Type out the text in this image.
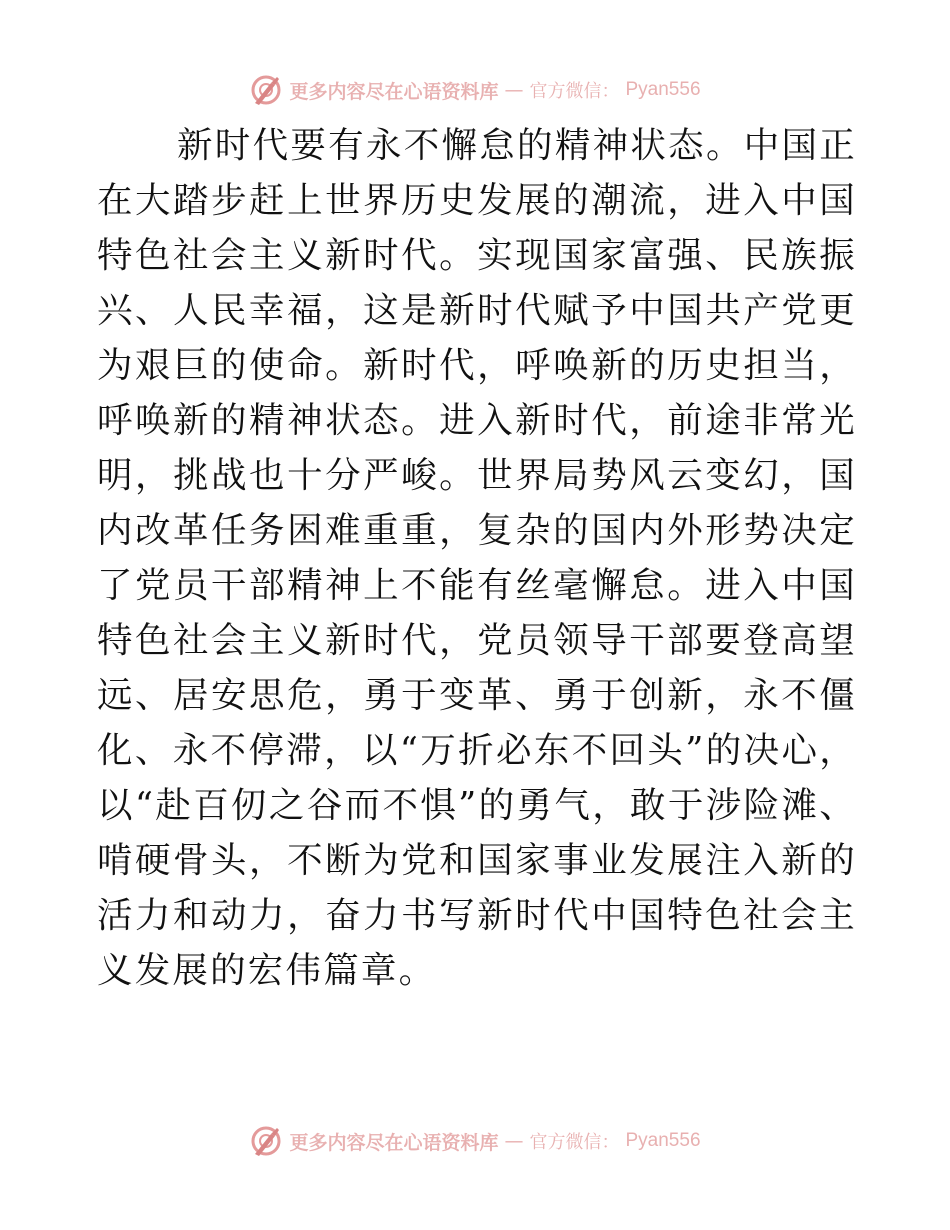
更多内容尽在心语资料库 — 官方微信： Pyan556

新时代要有永不懈怠的精神状态。中国正在大踏步赶上世界历史发展的潮流，进入中国特色社会主义新时代。实现国家富强、民族振兴、人民幸福，这是新时代赋予中国共产党更为艰巨的使命。新时代，呼唤新的历史担当，呼唤新的精神状态。进入新时代，前途非常光明，挑战也十分严峻。世界局势风云变幻，国内改革任务困难重重，复杂的国内外形势决定了党员干部精神上不能有丝毫懈怠。进入中国特色社会主义新时代，党员领导干部要登高望远、居安思危，勇于变革、勇于创新，永不僵化、永不停滞，以“万折必东不回头”的决心，以“赴百仞之谷而不惧”的勇气，敢于涉险滩、啃硬骨头，不断为党和国家事业发展注入新的活力和动力，奋力书写新时代中国特色社会主义发展的宏伟篇章。

更多内容尽在心语资料库 — 官方微信： Pyan556
